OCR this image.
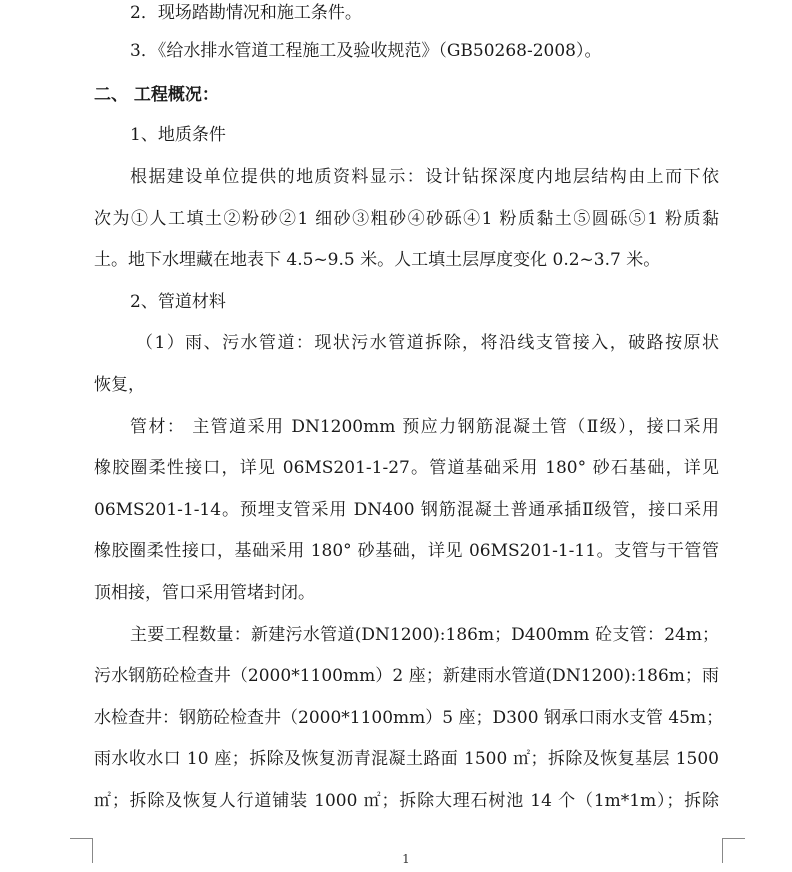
2．现场踏勘情况和施工条件。
3．《给水排水管道工程施工及验收规范》（GB50268-2008）。
二、 工程概况：
1、地质条件
根据建设单位提供的地质资料显示：设计钻探深度内地层结构由上而下依
次为①人工填土②粉砂②1 细砂③粗砂④砂砾④1 粉质黏土⑤圆砾⑤1 粉质黏
土。地下水埋藏在地表下 4.5~9.5 米。人工填土层厚度变化 0.2~3.7 米。
2、管道材料
（1）雨、污水管道：现状污水管道拆除，将沿线支管接入，破路按原状
恢复，
管材： 主管道采用 DN1200mm 预应力钢筋混凝土管（Ⅱ级），接口采用
橡胶圈柔性接口，详见 06MS201-1-27。管道基础采用 180° 砂石基础，详见
06MS201-1-14。预埋支管采用 DN400 钢筋混凝土普通承插Ⅱ级管，接口采用
橡胶圈柔性接口，基础采用 180° 砂基础，详见 06MS201-1-11。支管与干管管
顶相接，管口采用管堵封闭。
主要工程数量：新建污水管道(DN1200):186m；D400mm 砼支管：24m；
污水钢筋砼检查井（2000*1100mm）2 座；新建雨水管道(DN1200):186m；雨
水检查井：钢筋砼检查井（2000*1100mm）5 座；D300 钢承口雨水支管 45m；
雨水收水口 10 座；拆除及恢复沥青混凝土路面 1500 ㎡；拆除及恢复基层 1500
㎡；拆除及恢复人行道铺装 1000 ㎡；拆除大理石树池 14 个（1m*1m）；拆除
1
